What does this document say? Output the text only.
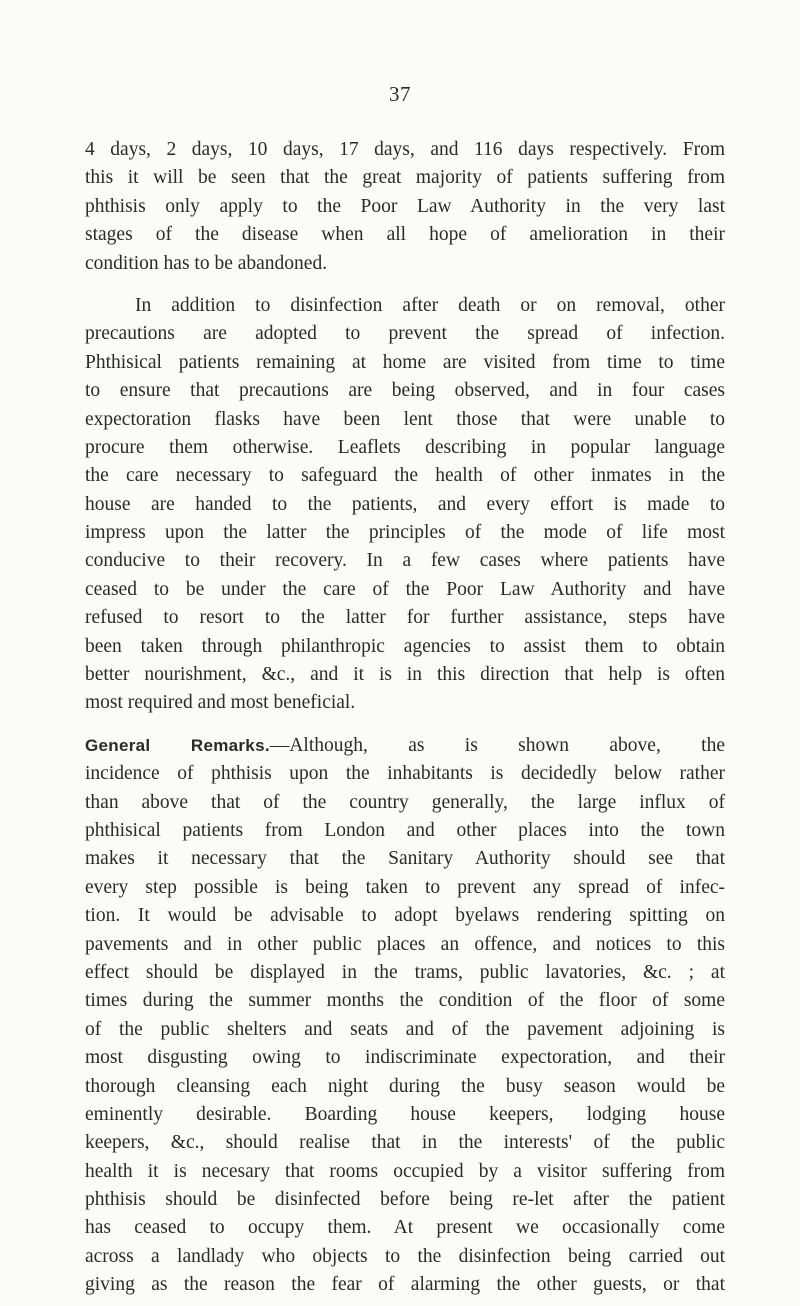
37
4 days, 2 days, 10 days, 17 days, and 116 days respectively. From
this it will be seen that the great majority of patients suffering from
phthisis only apply to the Poor Law Authority in the very last
stages of the disease when all hope of amelioration in their
condition has to be abandoned.
In addition to disinfection after death or on removal, other
precautions are adopted to prevent the spread of infection.
Phthisical patients remaining at home are visited from time to time
to ensure that precautions are being observed, and in four cases
expectoration flasks have been lent those that were unable to
procure them otherwise. Leaflets describing in popular language
the care necessary to safeguard the health of other inmates in the
house are handed to the patients, and every effort is made to
impress upon the latter the principles of the mode of life most
conducive to their recovery. In a few cases where patients have
ceased to be under the care of the Poor Law Authority and have
refused to resort to the latter for further assistance, steps have
been taken through philanthropic agencies to assist them to obtain
better nourishment, &c., and it is in this direction that help is often
most required and most beneficial.
General Remarks.—Although, as is shown above, the
incidence of phthisis upon the inhabitants is decidedly below rather
than above that of the country generally, the large influx of
phthisical patients from London and other places into the town
makes it necessary that the Sanitary Authority should see that
every step possible is being taken to prevent any spread of infec-
tion. It would be advisable to adopt byelaws rendering spitting on
pavements and in other public places an offence, and notices to this
effect should be displayed in the trams, public lavatories, &c. ; at
times during the summer months the condition of the floor of some
of the public shelters and seats and of the pavement adjoining is
most disgusting owing to indiscriminate expectoration, and their
thorough cleansing each night during the busy season would be
eminently desirable. Boarding house keepers, lodging house
keepers, &c., should realise that in the interests' of the public
health it is necesary that rooms occupied by a visitor suffering from
phthisis should be disinfected before being re-let after the patient
has ceased to occupy them. At present we occasionally come
across a landlady who objects to the disinfection being carried out
giving as the reason the fear of alarming the other guests, or that
